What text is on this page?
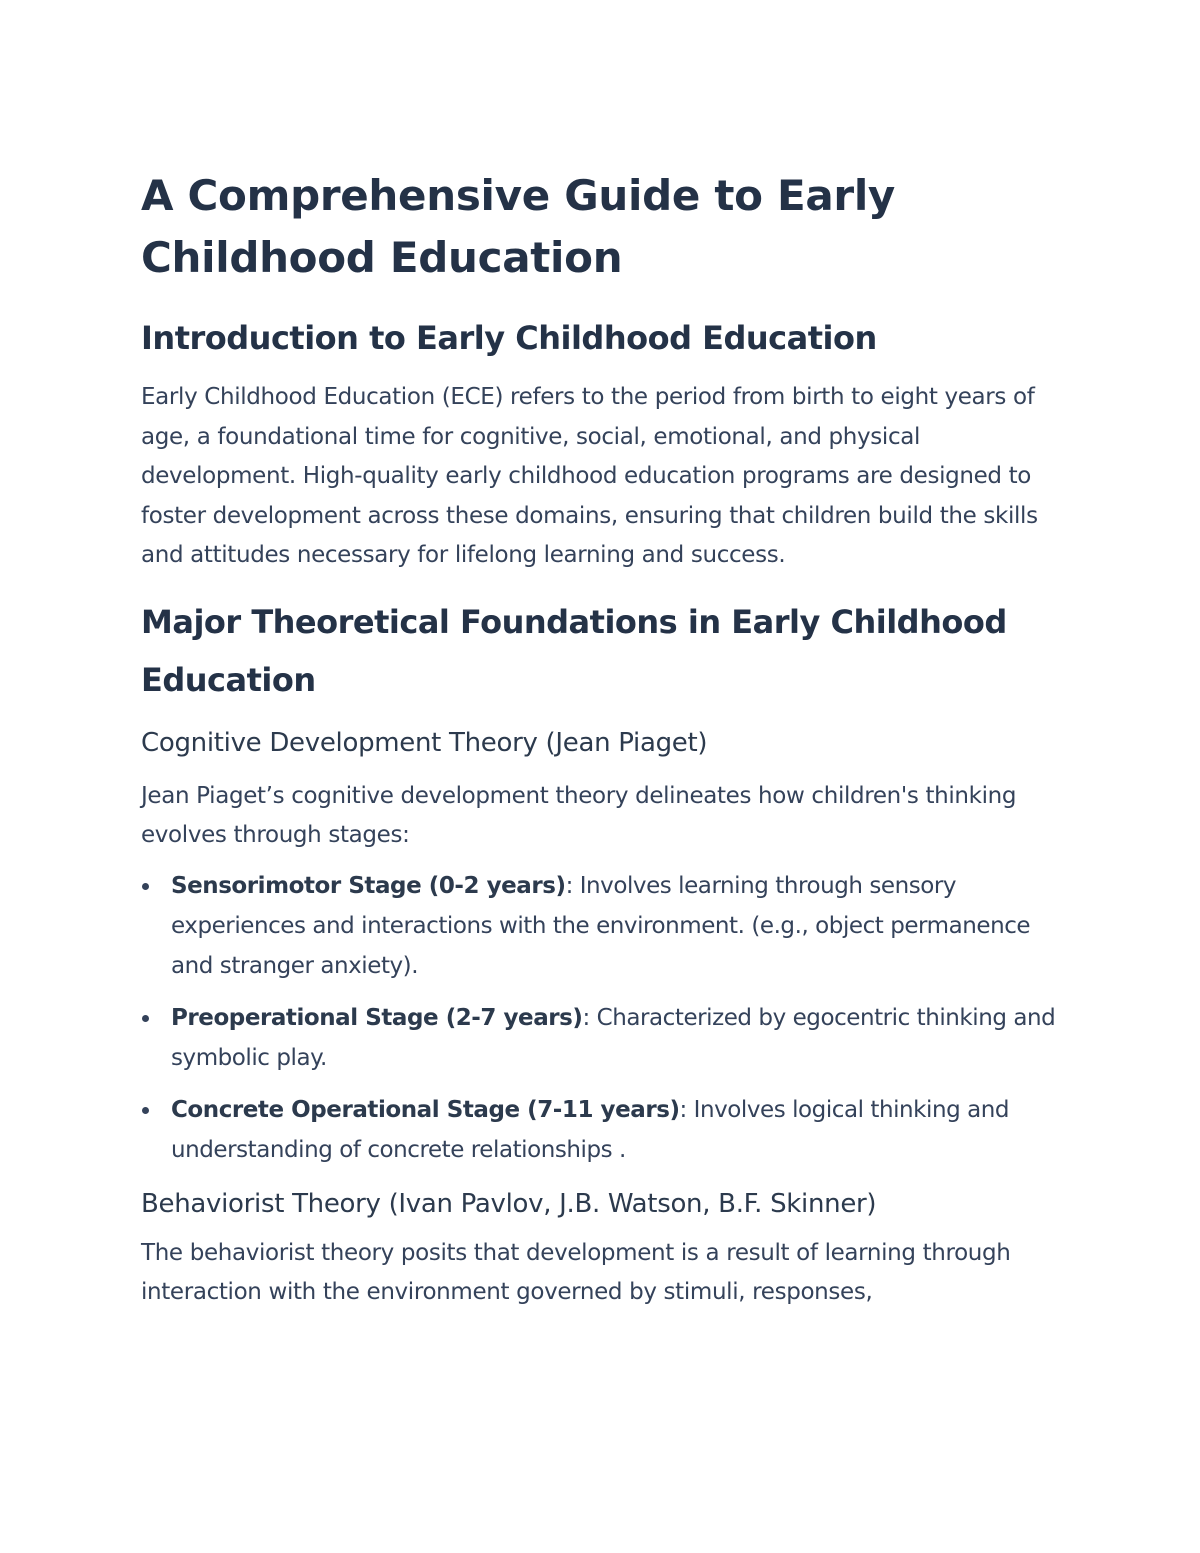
A Comprehensive Guide to Early Childhood Education
Introduction to Early Childhood Education

Early Childhood Education (ECE) refers to the period from birth to eight years of age, a foundational time for cognitive, social, emotional, and physical development. High-quality early childhood education programs are designed to foster development across these domains, ensuring that children build the skills and attitudes necessary for lifelong learning and success.

Major Theoretical Foundations in Early Childhood Education
Cognitive Development Theory (Jean Piaget)

Jean Piaget’s cognitive development theory delineates how children's thinking evolves through stages:

Sensorimotor Stage (0-2 years): Involves learning through sensory experiences and interactions with the environment. (e.g., object permanence and stranger anxiety).
Preoperational Stage (2-7 years): Characterized by egocentric thinking and symbolic play.
Concrete Operational Stage (7-11 years): Involves logical thinking and understanding of concrete relationships .
Behaviorist Theory (Ivan Pavlov, J.B. Watson, B.F. Skinner)

The behaviorist theory posits that development is a result of learning through interaction with the environment governed by stimuli, responses,
